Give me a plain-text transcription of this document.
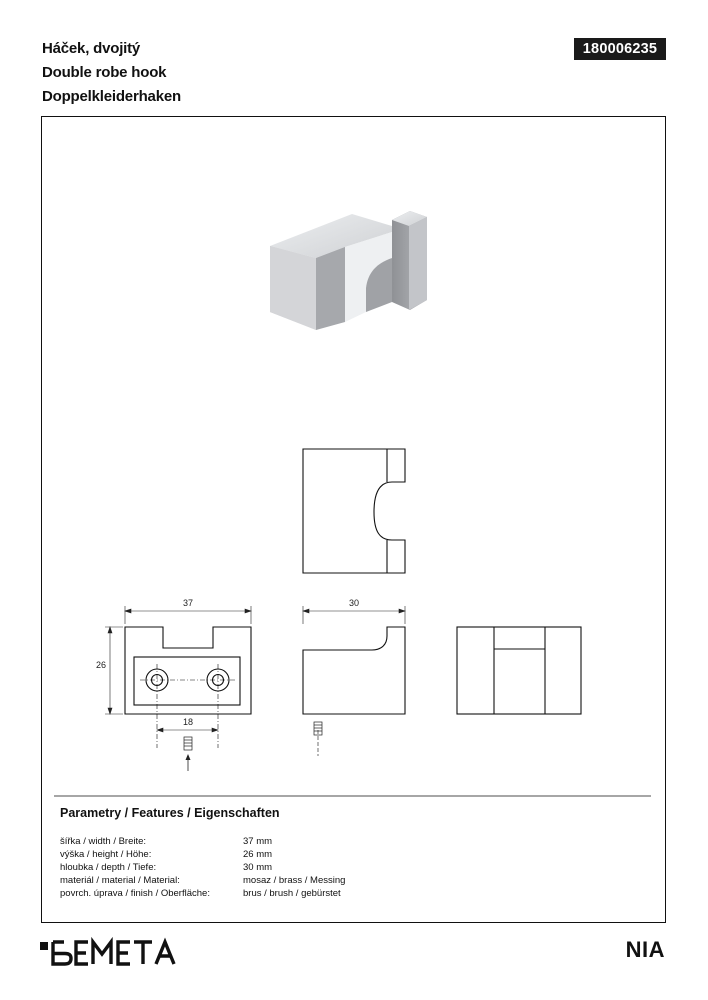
Háček, dvojitý
Double robe hook
Doppelkleiderhaken
180006235
37	30
26
18
Parametry / Features / Eigenschaften
šířka / width / Breite:	37 mm
výška / height / Höhe:	26 mm
hloubka / depth / Tiefe:	30 mm
materiál / material / Material:	mosaz / brass / Messing
povrch. úprava / finish / Oberfläche:	brus / brush / gebürstet
NIA
